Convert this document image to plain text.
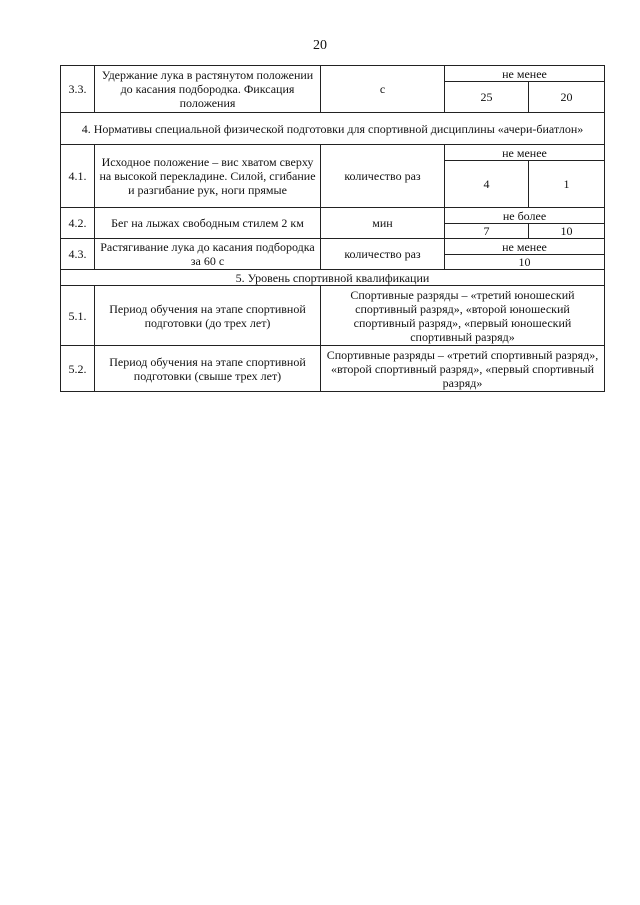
20
3.3.	Удержание лука в растянутом положении до касания подбородка. Фиксация положения	с	не менее	
			25	20
4. Нормативы специальной физической подготовки для спортивной дисциплины «ачери-биатлон»				
4.1.	Исходное положение – вис хватом сверху на высокой перекладине. Силой, сгибание и разгибание рук, ноги прямые	количество раз	не менее	
			4	1
4.2.	Бег на лыжах свободным стилем 2 км	мин	не более	
			7	10
4.3.	Растягивание лука до касания подбородка за 60 с	количество раз	не менее	
			10	
5. Уровень спортивной квалификации				
5.1.	Период обучения на этапе спортивной подготовки (до трех лет)	Спортивные разряды – «третий юношеский спортивный разряд», «второй юношеский спортивный разряд», «первый юношеский спортивный разряд»		
5.2.	Период обучения на этапе спортивной подготовки (свыше трех лет)	Спортивные разряды – «третий спортивный разряд», «второй спортивный разряд», «первый спортивный разряд»		
